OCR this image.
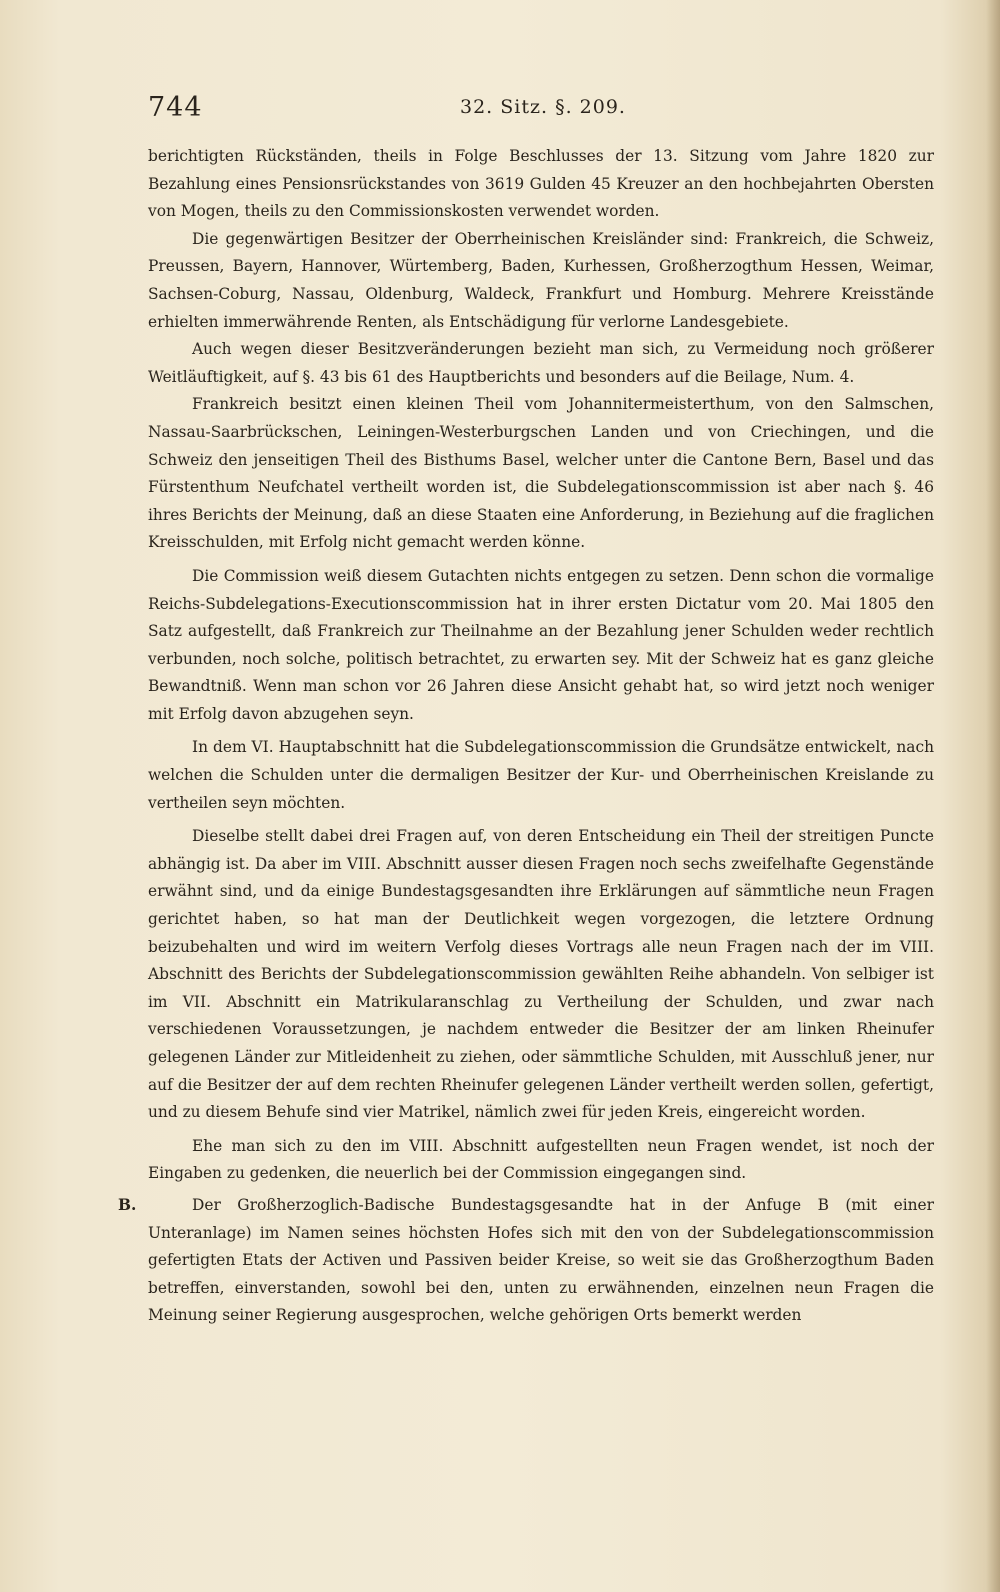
744	32. Sitz. §. 209.

berichtigten Rückständen, theils in Folge Beschlusses der 13. Sitzung vom Jahre 1820 zur Bezahlung eines Pensionsrückstandes von 3619 Gulden 45 Kreuzer an den hochbejahrten Obersten von Mogen, theils zu den Commissionskosten verwendet worden.

Die gegenwärtigen Besitzer der Oberrheinischen Kreisländer sind: Frankreich, die Schweiz, Preussen, Bayern, Hannover, Würtemberg, Baden, Kurhessen, Großherzogthum Hessen, Weimar, Sachsen-Coburg, Nassau, Oldenburg, Waldeck, Frankfurt und Homburg. Mehrere Kreisstände erhielten immerwährende Renten, als Entschädigung für verlorne Landesgebiete.

Auch wegen dieser Besitzveränderungen bezieht man sich, zu Vermeidung noch größerer Weitläuftigkeit, auf §. 43 bis 61 des Hauptberichts und besonders auf die Beilage, Num. 4.

Frankreich besitzt einen kleinen Theil vom Johannitermeisterthum, von den Salmschen, Nassau-Saarbrückschen, Leiningen-Westerburgschen Landen und von Criechingen, und die Schweiz den jenseitigen Theil des Bisthums Basel, welcher unter die Cantone Bern, Basel und das Fürstenthum Neufchatel vertheilt worden ist, die Subdelegationscommission ist aber nach §. 46 ihres Berichts der Meinung, daß an diese Staaten eine Anforderung, in Beziehung auf die fraglichen Kreisschulden, mit Erfolg nicht gemacht werden könne.

Die Commission weiß diesem Gutachten nichts entgegen zu setzen. Denn schon die vormalige Reichs-Subdelegations-Executionscommission hat in ihrer ersten Dictatur vom 20. Mai 1805 den Satz aufgestellt, daß Frankreich zur Theilnahme an der Bezahlung jener Schulden weder rechtlich verbunden, noch solche, politisch betrachtet, zu erwarten sey. Mit der Schweiz hat es ganz gleiche Bewandtniß. Wenn man schon vor 26 Jahren diese Ansicht gehabt hat, so wird jetzt noch weniger mit Erfolg davon abzugehen seyn.

In dem VI. Hauptabschnitt hat die Subdelegationscommission die Grundsätze entwickelt, nach welchen die Schulden unter die dermaligen Besitzer der Kur- und Oberrheinischen Kreislande zu vertheilen seyn möchten.

Dieselbe stellt dabei drei Fragen auf, von deren Entscheidung ein Theil der streitigen Puncte abhängig ist. Da aber im VIII. Abschnitt ausser diesen Fragen noch sechs zweifelhafte Gegenstände erwähnt sind, und da einige Bundestagsgesandten ihre Erklärungen auf sämmtliche neun Fragen gerichtet haben, so hat man der Deutlichkeit wegen vorgezogen, die letztere Ordnung beizubehalten und wird im weitern Verfolg dieses Vortrags alle neun Fragen nach der im VIII. Abschnitt des Berichts der Subdelegationscommission gewählten Reihe abhandeln. Von selbiger ist im VII. Abschnitt ein Matrikularanschlag zu Vertheilung der Schulden, und zwar nach verschiedenen Voraussetzungen, je nachdem entweder die Besitzer der am linken Rheinufer gelegenen Länder zur Mitleidenheit zu ziehen, oder sämmtliche Schulden, mit Ausschluß jener, nur auf die Besitzer der auf dem rechten Rheinufer gelegenen Länder vertheilt werden sollen, gefertigt, und zu diesem Behufe sind vier Matrikel, nämlich zwei für jeden Kreis, eingereicht worden.

Ehe man sich zu den im VIII. Abschnitt aufgestellten neun Fragen wendet, ist noch der Eingaben zu gedenken, die neuerlich bei der Commission eingegangen sind.

B.	Der Großherzoglich-Badische Bundestagsgesandte hat in der Anfuge B (mit einer Unteranlage) im Namen seines höchsten Hofes sich mit den von der Subdelegationscommission gefertigten Etats der Activen und Passiven beider Kreise, so weit sie das Großherzogthum Baden betreffen, einverstanden, sowohl bei den, unten zu erwähnenden, einzelnen neun Fragen die Meinung seiner Regierung ausgesprochen, welche gehörigen Orts bemerkt werden
